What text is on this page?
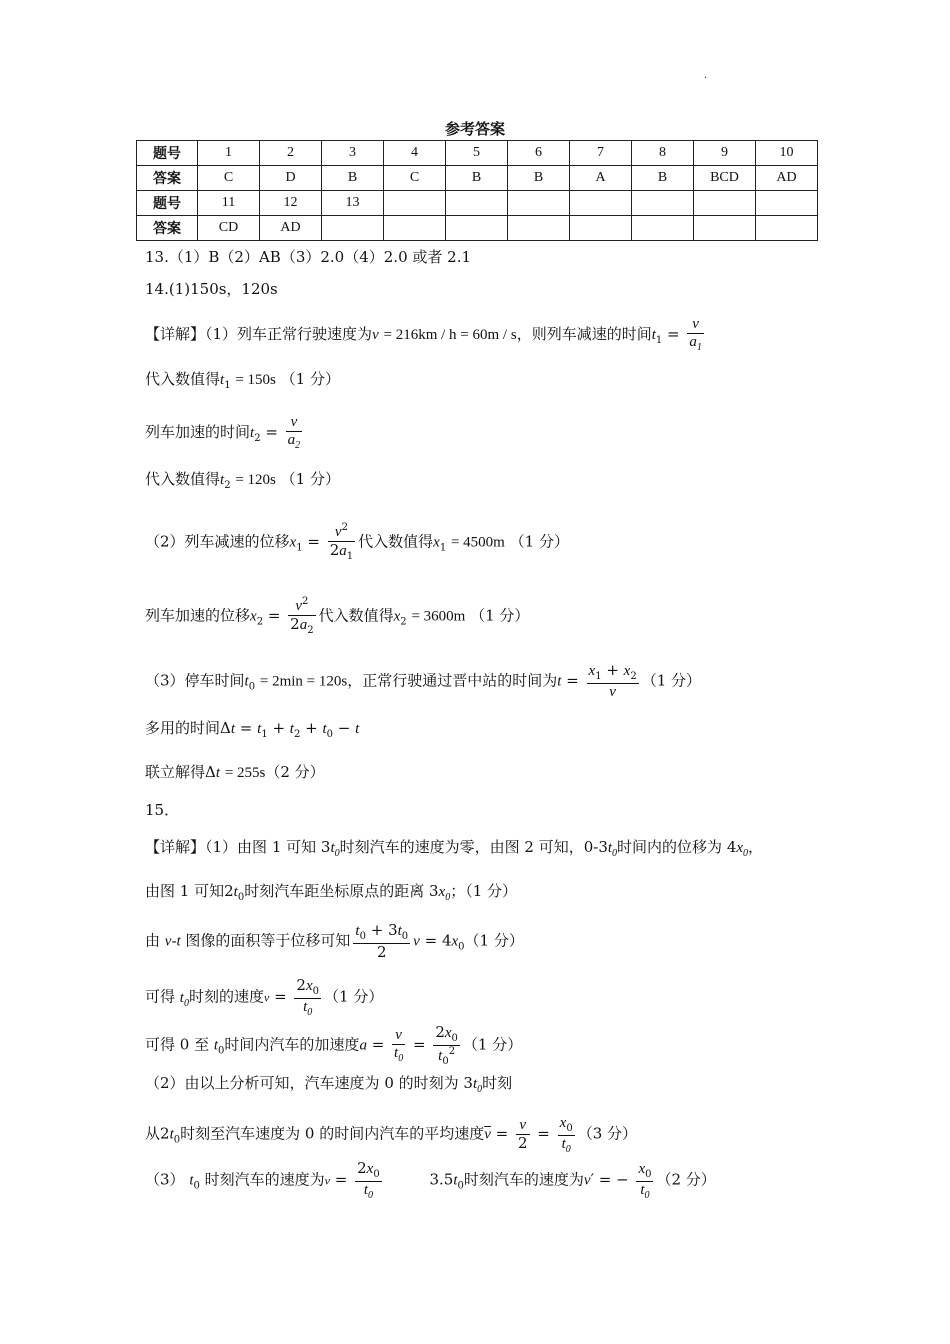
.
参考答案
题号	1	2	3	4	5	6	7	8	9	10
答案	C	D	B	C	B	B	A	B	BCD	AD
题号	11	12	13							
答案	CD	AD								
13.（1）B（2）AB（3）2.0（4）2.0 或者 2.1
14.(1)150s，120s
【详解】（1）列车正常行驶速度为v = 216km / h = 60m / s，则列车减速的时间$t_1 = \frac{v}{a_1}$
代入数值得$t_1 = 150s$ （1 分）
列车加速的时间$t_2 = \frac{v}{a_2}$
代入数值得$t_2 = 120s$ （1 分）
（2）列车减速的位移$x_1 = \frac{v^2}{2a_1}$ 代入数值得$x_1 = 4500m$ （1 分）
列车加速的位移$x_2 = \frac{v^2}{2a_2}$ 代入数值得$x_2 = 3600m$ （1 分）
（3）停车时间$t_0 = 2\min = 120s$，正常行驶通过晋中站的时间为$t = \frac{x_1 + x_2}{v} (1$ 分）
多用的时间$\Delta t = t_1 + t_2 + t_0 - t$
联立解得Δt = 255s（2 分）
15．
【详解】（1）由图 1 可知 $3t_0$时刻汽车的速度为零，由图 2 可知，$0-3t_0$时间内的位移为 $4x_0$，
由图 1 可知$2t_0$时刻汽车距坐标原点的距离 $3x_0$；（1 分）
由 v-t 图像的面积等于位移可知 $\frac{t_0 + 3t_0}{2}$ $v = 4x_0(1$ 分）
可得 $t_0$时刻的速度$v = \frac{2x_0}{t_0} (1$ 分）
可得 0 至 $t_0$时间内汽车的加速度$a = \frac{v}{t_0} = \frac{2x_0}{t_0^2} (1$ 分）
（2）由以上分析可知，汽车速度为 0 的时刻为 $3t_0$时刻
从$2t_0$时刻至汽车速度为 0 的时间内汽车的平均速度$\overline{v} = \frac{v}{2} = \frac{x_0}{t_0} (3$ 分）
（3） $t_0$ 时刻汽车的速度为$v = \frac{2x_0}{t_0}$	$3.5t_0$时刻汽车的速度为v′ = − $\frac{x_0}{t_0} (2$ 分）
